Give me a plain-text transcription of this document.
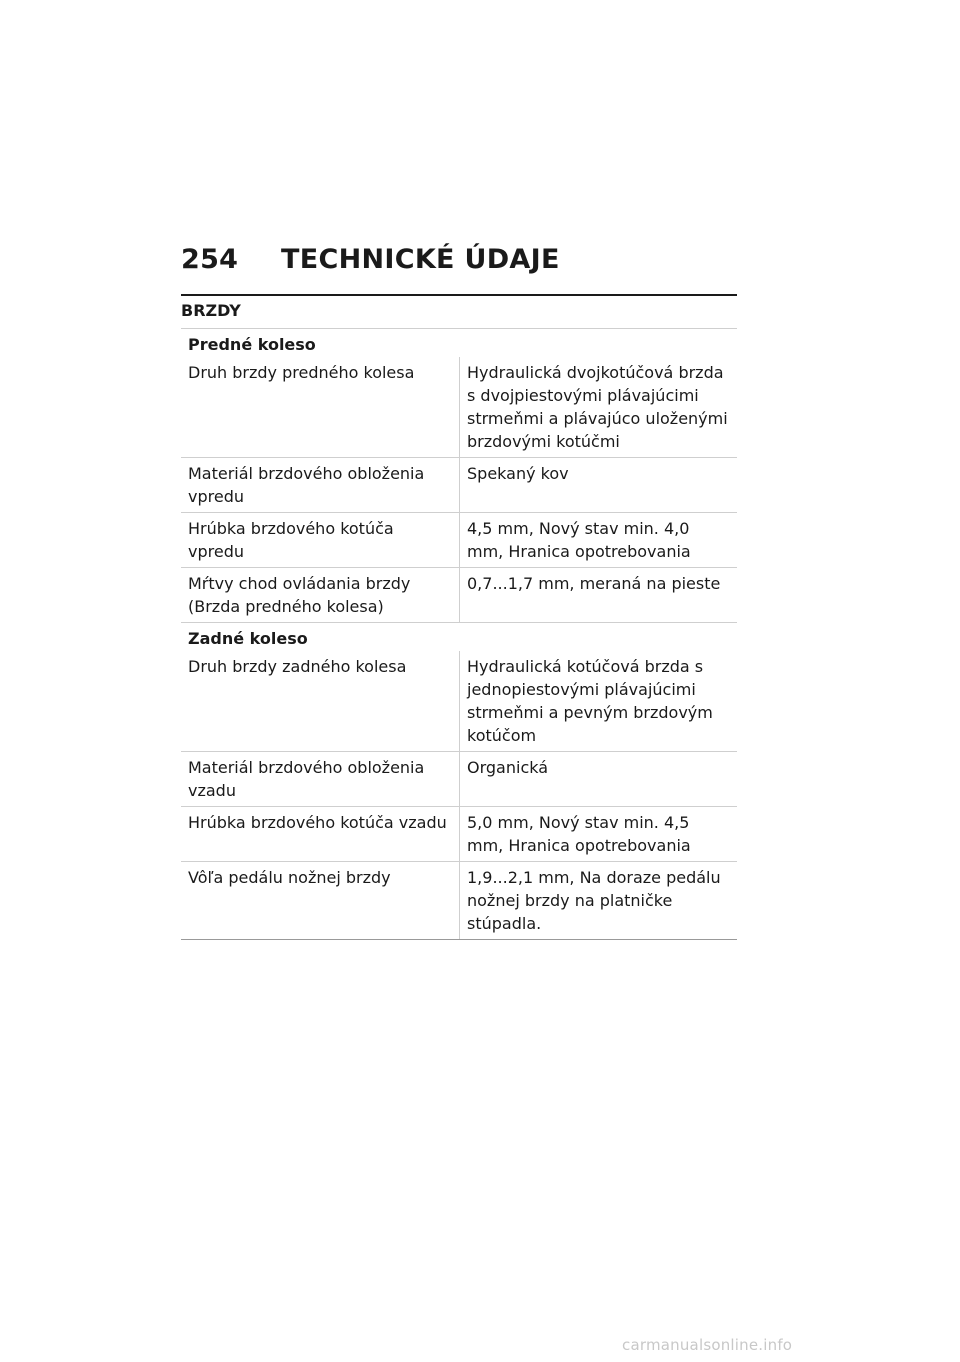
254	TECHNICKÉ ÚDAJE
BRZDY
Predné koleso	
Druh brzdy predného kolesa	Hydraulická dvojkotúčová brzda s dvojpiestovými plávajúcimi strmeňmi a plávajúco uloženými brzdovými kotúčmi
Materiál brzdového obloženia vpredu	Spekaný kov
Hrúbka brzdového kotúča vpredu	4,5 mm, Nový stav min. 4,0 mm, Hranica opotrebovania
Mŕtvy chod ovládania brzdy (Brzda predného kolesa)	0,7...1,7 mm, meraná na pieste
Zadné koleso	
Druh brzdy zadného kolesa	Hydraulická kotúčová brzda s jednopiestovými plávajúcimi strmeňmi a pevným brzdovým kotúčom
Materiál brzdového obloženia vzadu	Organická
Hrúbka brzdového kotúča vzadu	5,0 mm, Nový stav min. 4,5 mm, Hranica opotrebovania
Vôľa pedálu nožnej brzdy	1,9...2,1 mm, Na doraze pedálu nožnej brzdy na platničke stúpadla.
carmanualsonline.info
